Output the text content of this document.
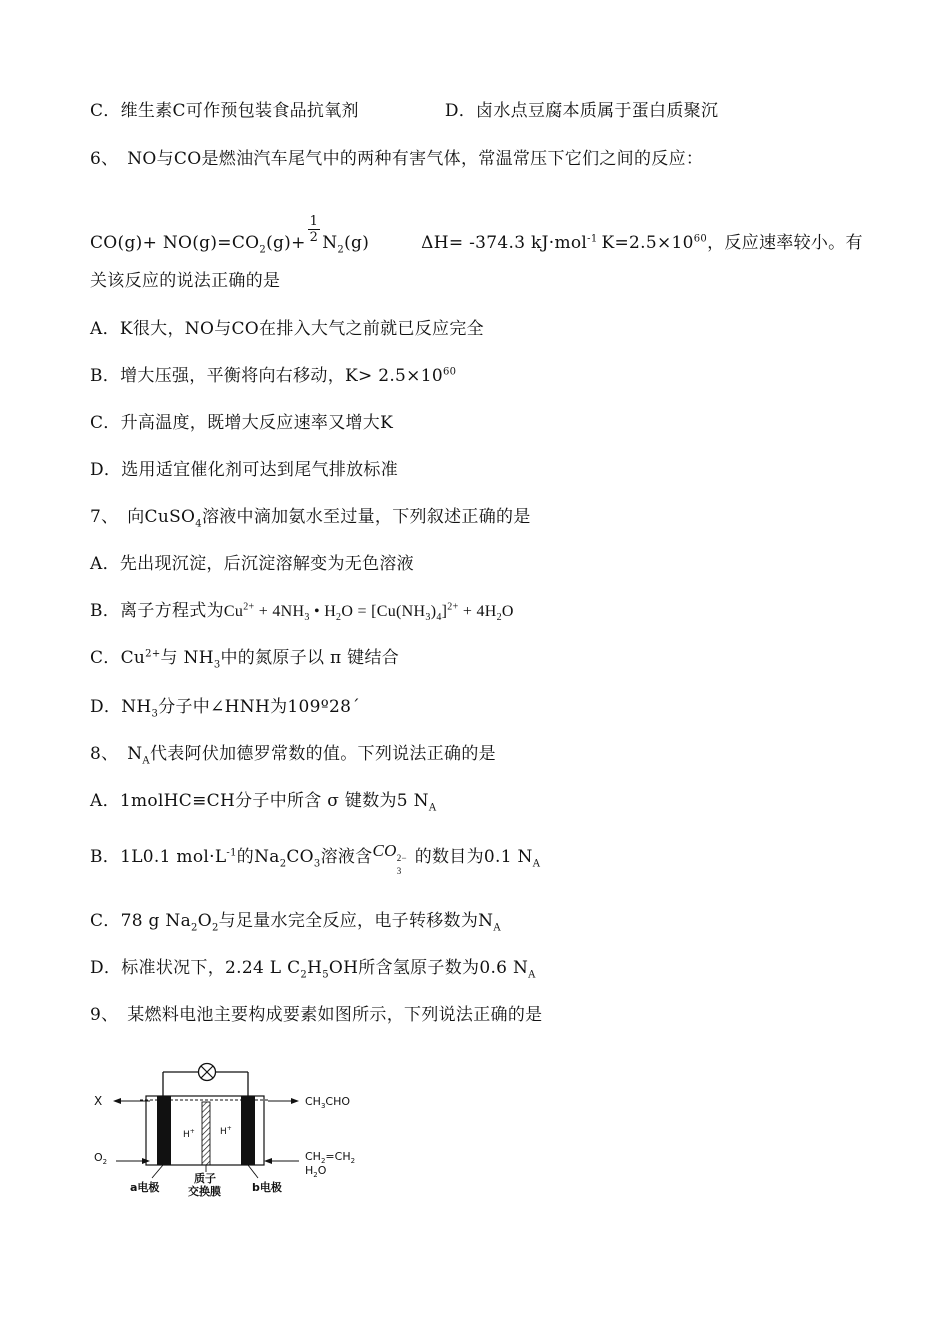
C．维生素C可作预包装食品抗氧剂	D．卤水点豆腐本质属于蛋白质聚沉
6、　NO与CO是燃油汽车尾气中的两种有害气体，常温常压下它们之间的反应：
$CO(g)+ NO(g)=CO_2(g)+ \frac{1}{2} N_2(g)$	ΔH= -374.3 kJ·mol$^{-1}$ $K=2.5\times 10^{60}$，反应速率较小。有
关该反应的说法正确的是
A．K很大，NO与CO在排入大气之前就已反应完全
B．增大压强，平衡将向右移动，$K> 2.5\times 10^{60}$
C．升高温度，既增大反应速率又增大K
D．选用适宜催化剂可达到尾气排放标准
7、　向CuSO$_4$溶液中滴加氨水至过量，下列叙述正确的是
A．先出现沉淀，后沉淀溶解变为无色溶液
B．离子方程式为$Cu^{2+} + 4NH_3$ • $H_2O = [Cu(NH_3)_4]^{2+} + 4H_2O$
C．$Cu^{2+}$与 $NH_3$中的氮原子以 π 键结合
D．$NH_3$分子中∠HNH为109º28ˊ
8、　$N_A$代表阿伏加德罗常数的值。下列说法正确的是
A．1molHC≡CH分子中所含 σ 键数为5 $N_A$
B．1L0.1 $mol\cdot L^{-1}$的$Na_2CO_3$溶液含CO 2−
3
的数目为0.1 $N_A$
C．78 g $Na_2O_2$与足量水完全反应，电子转移数为$N_A$
D．标准状况下，2.24 L $C_2H_5OH$所含氢原子数为0.6 $N_A$
9、　某燃料电池主要构成要素如图所示，下列说法正确的是
H+	H+
X
$O_2$
$CH_3CHO$
$CH_2=CH_2$
$H_2O$
a电极
质子
交换膜	b电极
